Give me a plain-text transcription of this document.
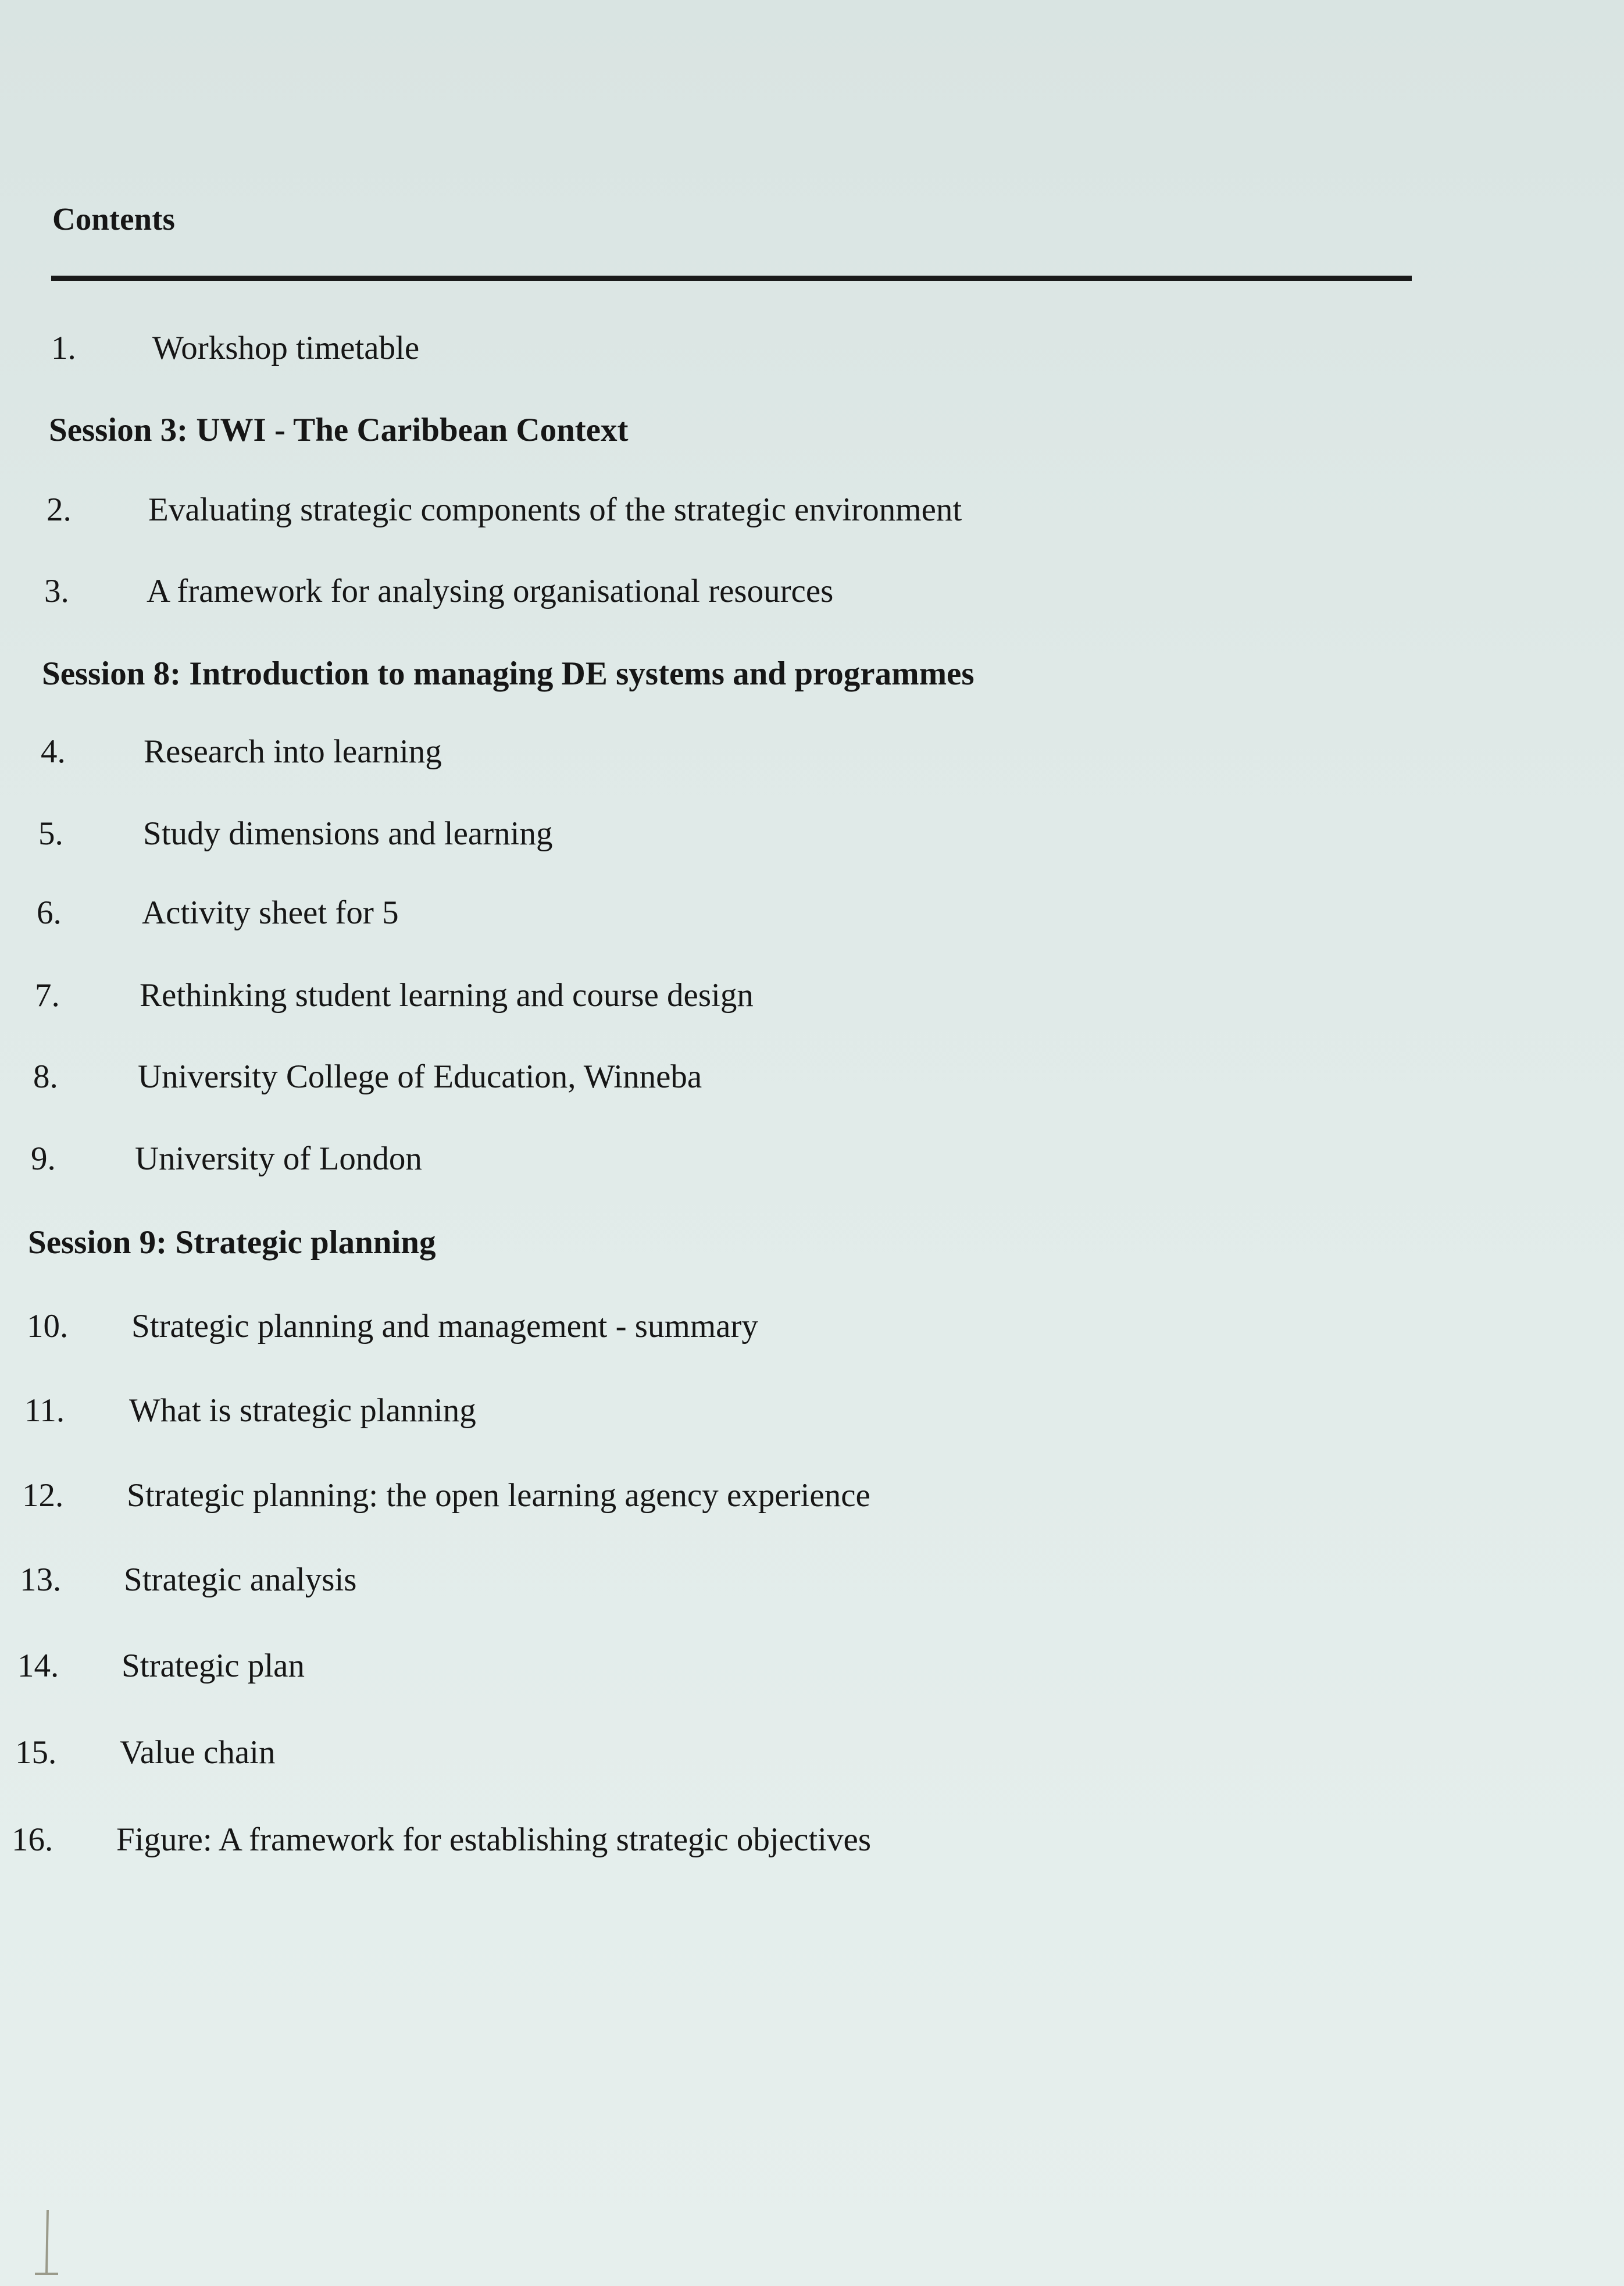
Contents
1. Workshop timetable
Session 3: UWI - The Caribbean Context
2. Evaluating strategic components of the strategic environment
3. A framework for analysing organisational resources
Session 8: Introduction to managing DE systems and programmes
4. Research into learning
5. Study dimensions and learning
6. Activity sheet for 5
7. Rethinking student learning and course design
8. University College of Education, Winneba
9. University of London
Session 9: Strategic planning
10. Strategic planning and management - summary
11. What is strategic planning
12. Strategic planning: the open learning agency experience
13. Strategic analysis
14. Strategic plan
15. Value chain
16. Figure: A framework for establishing strategic objectives
